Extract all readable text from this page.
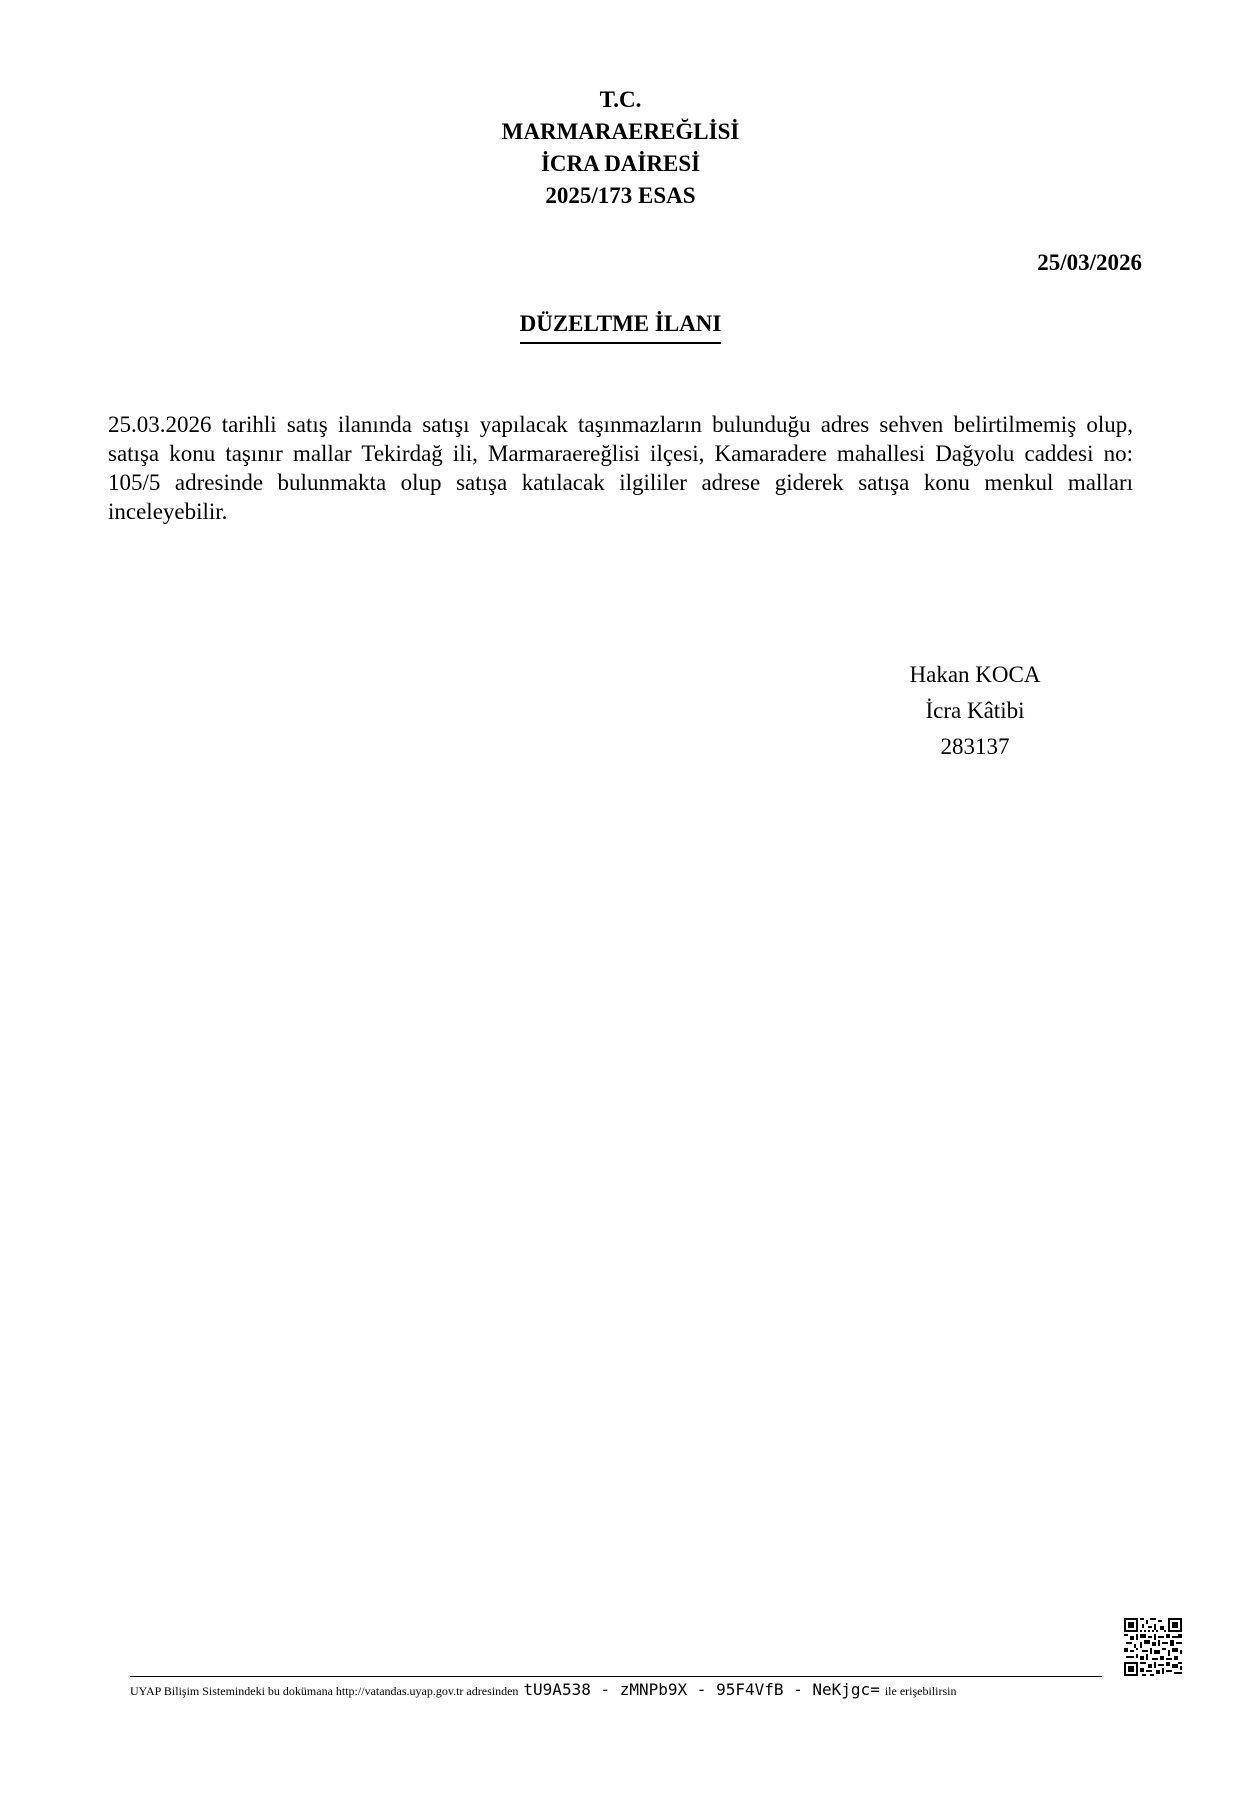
T.C.
MARMARAEREĞLİSİ
İCRA DAİRESİ
2025/173 ESAS
25/03/2026
DÜZELTME İLANI

25.03.2026 tarihli satış ilanında satışı yapılacak taşınmazların bulunduğu adres sehven belirtilmemiş olup, satışa konu taşınır mallar Tekirdağ ili, Marmaraereğlisi ilçesi, Kamaradere mahallesi Dağyolu caddesi no: 105/5 adresinde bulunmakta olup satışa katılacak ilgililer adrese giderek satışa konu menkul malları inceleyebilir.

Hakan KOCA
İcra Kâtibi
283137
UYAP Bilişim Sistemindeki bu dokümana http://vatandas.uyap.gov.tr adresinden tU9A538 - zMNPb9X - 95F4VfB - NeKjgc= ile erişebilirsin
